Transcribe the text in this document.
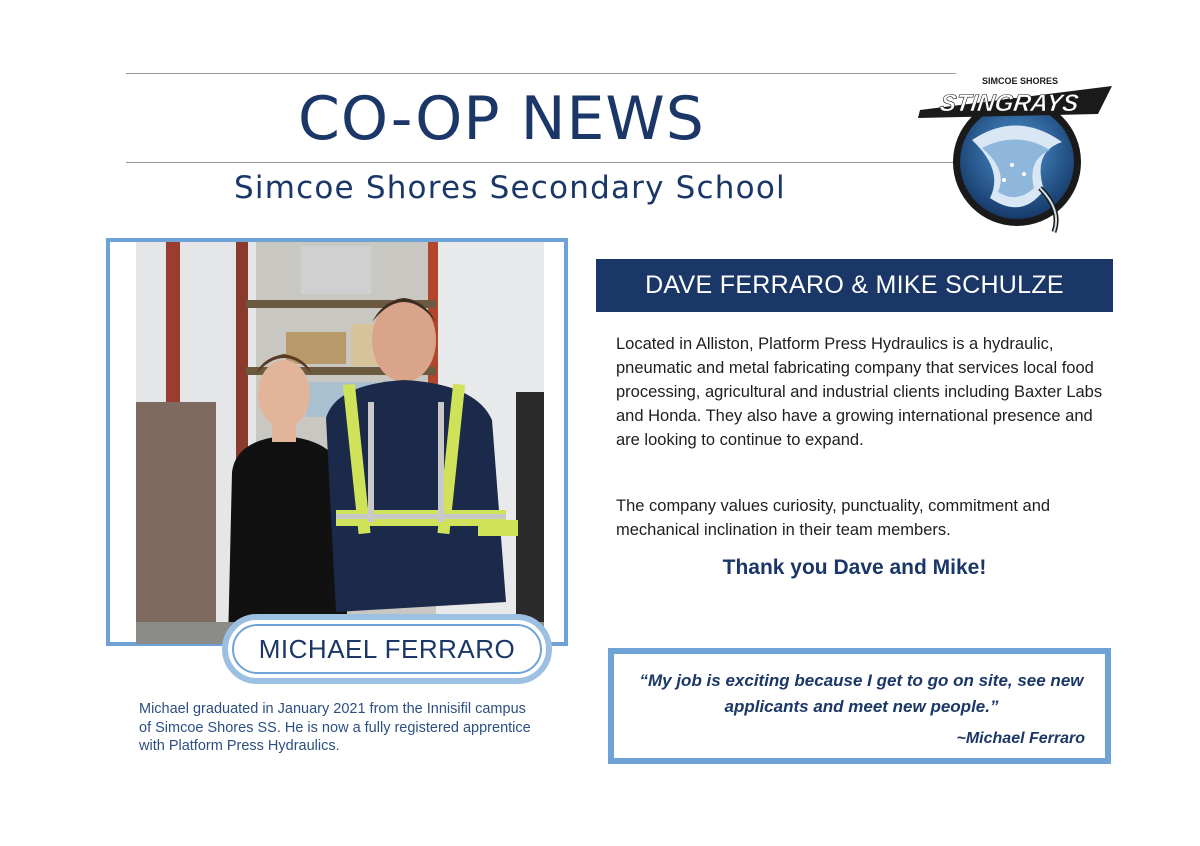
CO-OP NEWS
Simcoe Shores Secondary School
SIMCOE SHORES
STINGRAYS
MICHAEL FERRARO
Michael graduated in January 2021 from the Innisifil campus of Simcoe Shores SS. He is now a fully registered apprentice with Platform Press Hydraulics.
DAVE FERRARO & MIKE SCHULZE

Located in Alliston, Platform Press Hydraulics is a hydraulic, pneumatic and metal fabricating company that services local food processing, agricultural and industrial clients including Baxter Labs and Honda. They also have a growing international presence and are looking to continue to expand.

The company values curiosity, punctuality, commitment and mechanical inclination in their team members.

Thank you Dave and Mike!
“My job is exciting because I get to go on site, see new applicants and meet new people.”
~Michael Ferraro
